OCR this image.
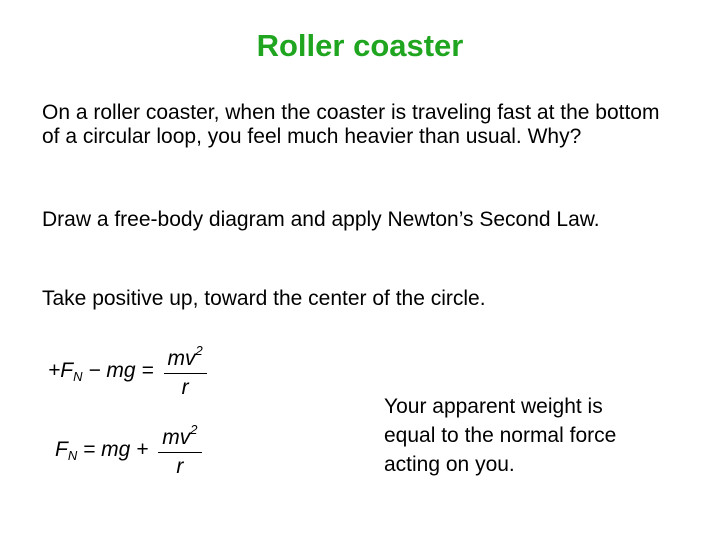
Roller coaster

On a roller coaster, when the coaster is traveling fast at the bottom of a circular loop, you feel much heavier than usual. Why?

Draw a free-body diagram and apply Newton’s Second Law.

Take positive up, toward the center of the circle.

$+F_N$ − mg = $\frac{mv^2}{r}$
$F_N$ = mg + $\frac{mv^2}{r}$

Your apparent weight is equal to the normal force acting on you.
